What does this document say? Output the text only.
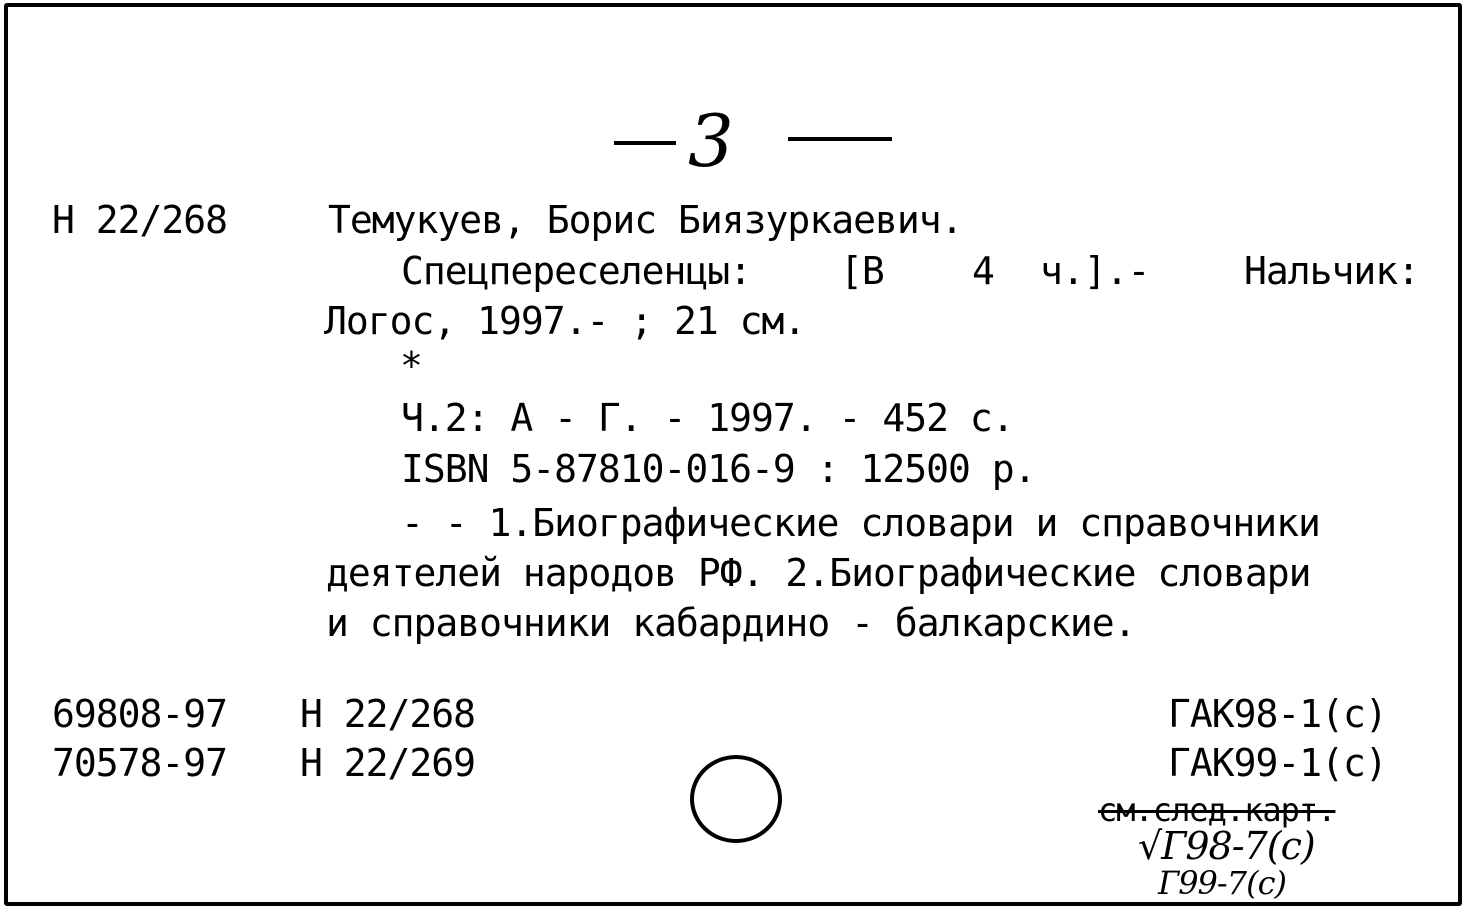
3
Н 22/268	Темукуев, Борис Биязуркаевич.
Спецпереселенцы: [В 4 ч.].- Нальчик:
Логос, 1997.- ; 21 см.
*
Ч.2: А - Г. - 1997. - 452 с.
ISBN 5-87810-016-9 : 12500 р.
- - 1.Биографические словари и справочники
деятелей народов РФ. 2.Биографические словари
и справочники кабардино - балкарские.
69808-97 Н 22/268
70578-97 Н 22/269
ГАК98-1(с)
ГАК99-1(с)
см.след.карт.
√Г98-7(с)
Г99-7(с)
